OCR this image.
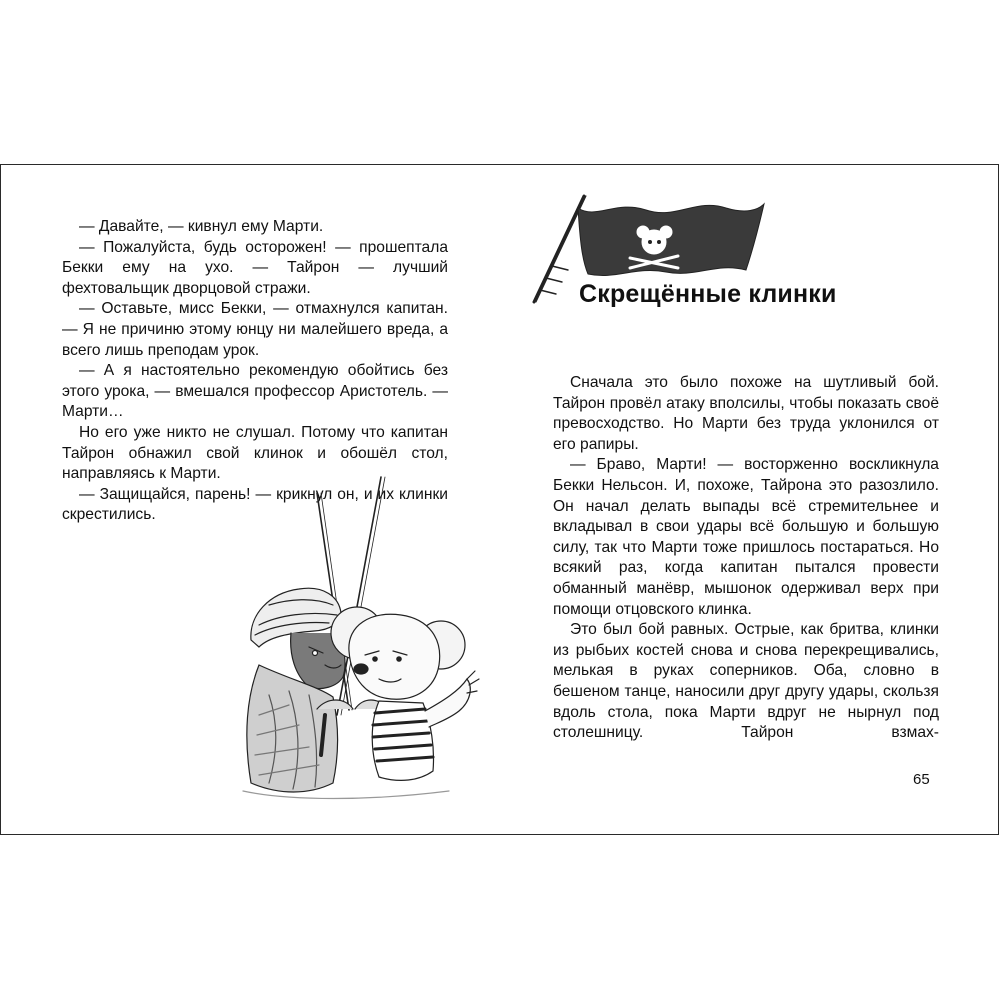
— Давайте, — кивнул ему Марти.

— Пожалуйста, будь осторожен! — прошептала Бекки ему на ухо. — Тайрон — лучший фехтовальщик дворцовой стражи.

— Оставьте, мисс Бекки, — отмахнулся капитан. — Я не причиню этому юнцу ни малейшего вреда, а всего лишь преподам урок.

— А я настоятельно рекомендую обойтись без этого урока, — вмешался профессор Аристотель. — Марти…

Но его уже никто не слушал. Потому что капитан Тайрон обнажил свой клинок и обошёл стол, направляясь к Марти.

— Защищайся, парень! — крикнул он, и их клинки скрестились.

Скрещённые клинки

Сначала это было похоже на шутливый бой. Тайрон провёл атаку вполсилы, чтобы показать своё превосходство. Но Марти без труда уклонился от его рапиры.

— Браво, Марти! — восторженно воскликнула Бекки Нельсон. И, похоже, Тайрона это разозлило. Он начал делать выпады всё стремительнее и вкладывал в свои удары всё большую и большую силу, так что Марти тоже пришлось постараться. Но всякий раз, когда капитан пытался провести обманный манёвр, мышонок одерживал верх при помощи отцовского клинка.

Это был бой равных. Острые, как бритва, клинки из рыбьих костей снова и снова перекрещивались, мелькая в руках соперников. Оба, словно в бешеном танце, наносили друг другу удары, скользя вдоль стола, пока Марти вдруг не нырнул под столешницу. Тайрон взмах-

65
